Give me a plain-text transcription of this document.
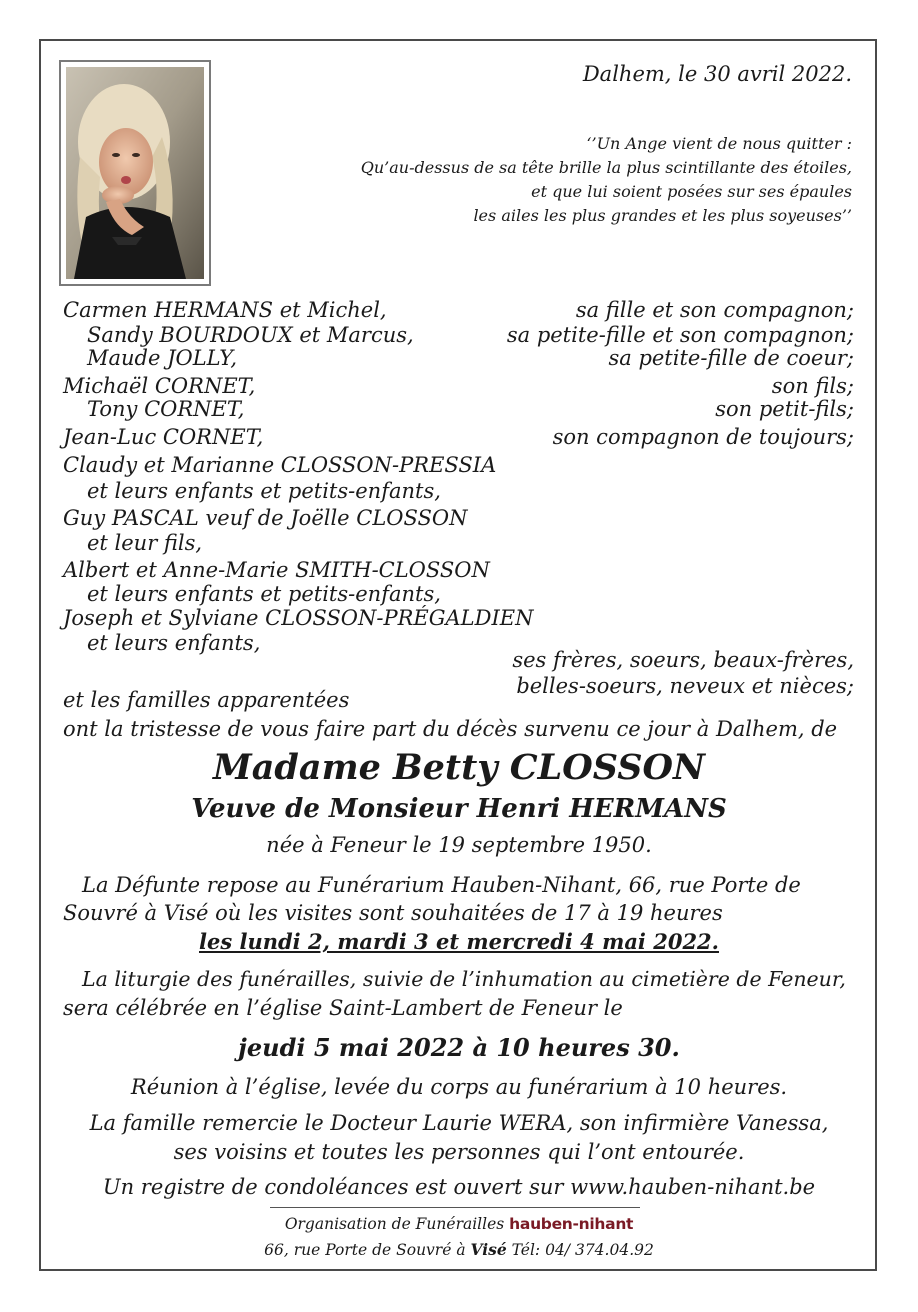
Dalhem, le 30 avril 2022.
‘’Un Ange vient de nous quitter :
Qu’au-dessus de sa tête brille la plus scintillante des étoiles,
et que lui soient posées sur ses épaules
les ailes les plus grandes et les plus soyeuses’’
Carmen HERMANS et Michel,
Sandy BOURDOUX et Marcus,
Maude JOLLY,
Michaël CORNET,
Tony CORNET,
Jean-Luc CORNET,
Claudy et Marianne CLOSSON-PRESSIA
et leurs enfants et petits-enfants,
Guy PASCAL veuf de Joëlle CLOSSON
et leur fils,
Albert et Anne-Marie SMITH-CLOSSON
et leurs enfants et petits-enfants,
Joseph et Sylviane CLOSSON-PRÉGALDIEN
et leurs enfants,
et les familles apparentées
sa fille et son compagnon;
sa petite-fille et son compagnon;
sa petite-fille de coeur;
son fils;
son petit-fils;
son compagnon de toujours;
ses frères, soeurs, beaux-frères,
belles-soeurs, neveux et nièces;
ont la tristesse de vous faire part du décès survenu ce jour à Dalhem, de
Madame Betty CLOSSON
Veuve de Monsieur Henri HERMANS
née à Feneur le 19 septembre 1950.
La Défunte repose au Funérarium Hauben-Nihant, 66, rue Porte de
Souvré à Visé où les visites sont souhaitées de 17 à 19 heures
les lundi 2, mardi 3 et mercredi 4 mai 2022.
La liturgie des funérailles, suivie de l’inhumation au cimetière de Feneur,
sera célébrée en l’église Saint-Lambert de Feneur le
jeudi 5 mai 2022 à 10 heures 30.
Réunion à l’église, levée du corps au funérarium à 10 heures.
La famille remercie le Docteur Laurie WERA, son infirmière Vanessa,
ses voisins et toutes les personnes qui l’ont entourée.
Un registre de condoléances est ouvert sur www.hauben-nihant.be
Organisation de Funérailles hauben-nihant
66, rue Porte de Souvré à Visé Tél: 04/ 374.04.92
